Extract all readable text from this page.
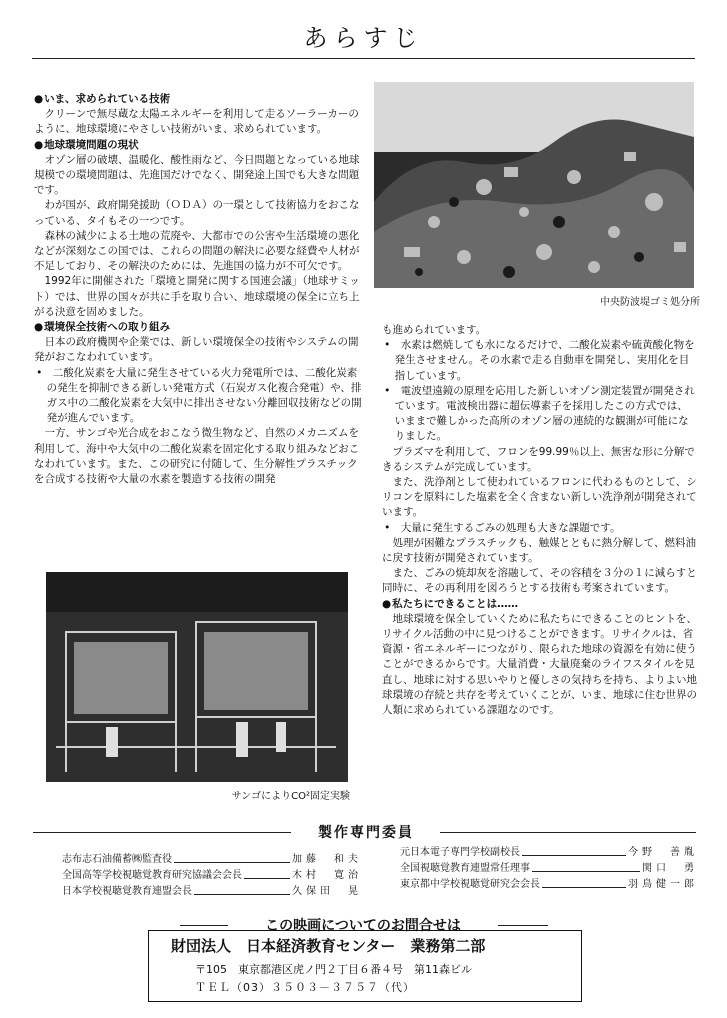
あらすじ
● いま、求められている技術
クリーンで無尽蔵な太陽エネルギーを利用して走るソーラーカーのように、地球環境にやさしい技術がいま、求められています。
● 地球環境問題の現状
オゾン層の破壊、温暖化、酸性雨など、今日問題となっている地球規模での環境問題は、先進国だけでなく、開発途上国でも大きな問題です。
わが国が、政府開発援助（ＯＤＡ）の一環として技術協力をおこなっている、タイもその一つです。
森林の減少による土地の荒廃や、大都市での公害や生活環境の悪化などが深刻なこの国では、これらの問題の解決に必要な経費や人材が不足しており、その解決のためには、先進国の協力が不可欠です。
1992年に開催された「環境と開発に関する国連会議」（地球サミット）では、世界の国々が共に手を取り合い、地球環境の保全に立ち上がる決意を固めました。
● 環境保全技術への取り組み
日本の政府機関や企業では、新しい環境保全の技術やシステムの開発がおこなわれています。
•　二酸化炭素を大量に発生させている火力発電所では、二酸化炭素の発生を抑制できる新しい発電方式（石炭ガス化複合発電）や、排ガス中の二酸化炭素を大気中に排出させない分離回収技術などの開発が進んでいます。
一方、サンゴや光合成をおこなう微生物など、自然のメカニズムを利用して、海中や大気中の二酸化炭素を固定化する取り組みなどおこなわれています。また、この研究に付随して、生分解性プラスチックを合成する技術や大量の水素を製造する技術の開発
中央防波堤ゴミ処分所
も進められています。
•　水素は燃焼しても水になるだけで、二酸化炭素や硫黄酸化物を発生させません。その水素で走る自動車を開発し、実用化を目指しています。
•　電波望遠鏡の原理を応用した新しいオゾン測定装置が開発されています。電波検出器に超伝導素子を採用したこの方式では、いままで難しかった高所のオゾン層の連続的な観測が可能になりました。
プラズマを利用して、フロンを99.99％以上、無害な形に分解できるシステムが完成しています。
また、洗浄剤として使われているフロンに代わるものとして、シリコンを原料にした塩素を全く含まない新しい洗浄剤が開発されています。
•　大量に発生するごみの処理も大きな課題です。
処理が困難なプラスチックも、触媒とともに熱分解して、燃料油に戻す技術が開発されています。
また、ごみの焼却灰を溶融して、その容積を３分の１に減らすと同時に、その再利用を図ろうとする技術も考案されています。
● 私たちにできることは……
地球環境を保全していくために私たちにできることのヒントを、リサイクル活動の中に見つけることができます。リサイクルは、省資源・省エネルギーにつながり、限られた地球の資源を有効に使うことができるからです。大量消費・大量廃棄のライフスタイルを見直し、地球に対する思いやりと優しさの気持ちを持ち、よりよい地球環境の存続と共存を考えていくことが、いま、地球に住む世界の人類に求められている課題なのです。
サンゴによりCO²固定実験
製作専門委員
志布志石油備蓄㈱監査役	加藤　和夫
全国高等学校視聴覚教育研究協議会会長	木村　寛治
日本学校視聴覚教育連盟会長	久保田　晃
元日本電子専門学校副校長	今野　善胤
全国視聴覚教育連盟常任理事	関口　勇
東京都中学校視聴覚研究会会長	羽鳥健一郎
この映画についてのお問合せは
財団法人　日本経済教育センター　業務第二部
〒105　東京都港区虎ノ門２丁目６番４号　第11森ビル
ＴＥＬ（03）３５０３－３７５７（代）
